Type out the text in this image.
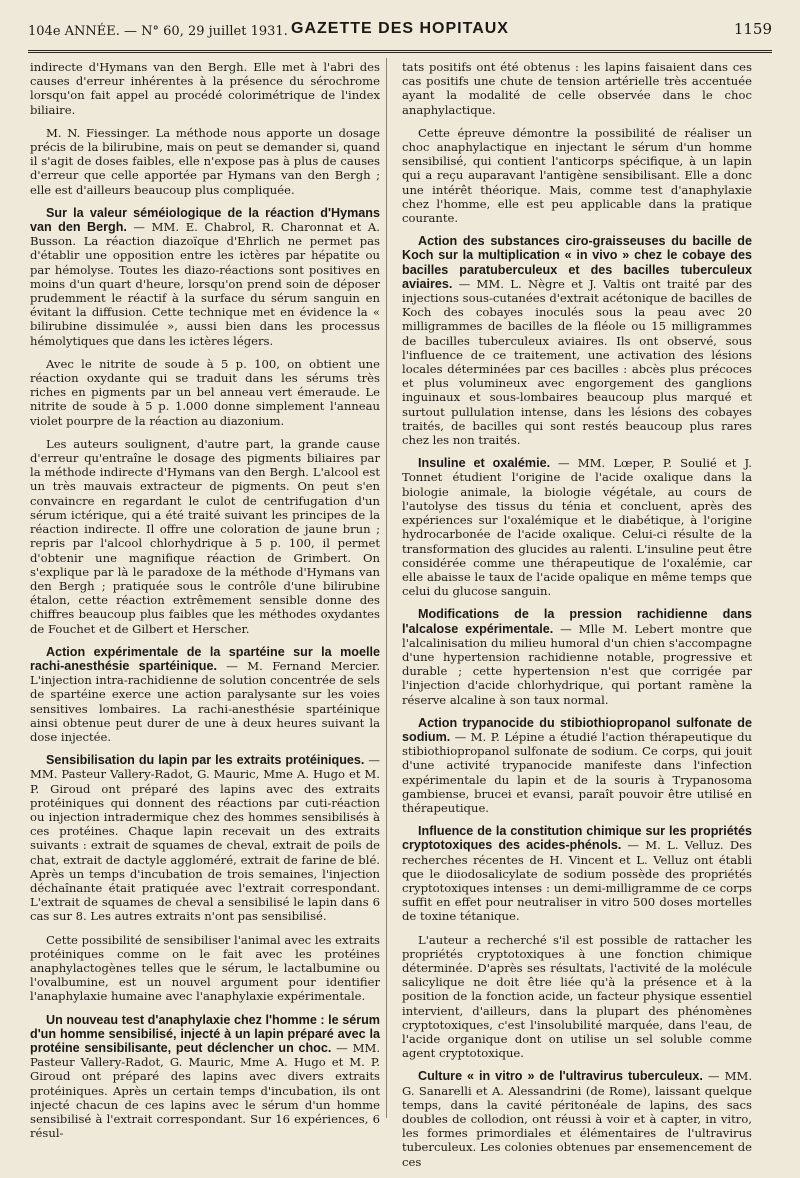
104e ANNÉE. — N° 60, 29 juillet 1931. GAZETTE DES HOPITAUX	1159

indirecte d'Hymans van den Bergh. Elle met à l'abri des causes d'erreur inhérentes à la présence du sérochrome lorsqu'on fait appel au procédé colorimétrique de l'index biliaire.

M. N. Fiessinger. La méthode nous apporte un dosage précis de la bilirubine, mais on peut se demander si, quand il s'agit de doses faibles, elle n'expose pas à plus de causes d'erreur que celle apportée par Hymans van den Bergh ; elle est d'ailleurs beaucoup plus compliquée.

Sur la valeur séméiologique de la réaction d'Hymans van den Bergh. — MM. E. Chabrol, R. Charonnat et A. Busson. La réaction diazoïque d'Ehrlich ne permet pas d'établir une opposition entre les ictères par hépatite ou par hémolyse. Toutes les diazo-réactions sont positives en moins d'un quart d'heure, lorsqu'on prend soin de déposer prudemment le réactif à la surface du sérum sanguin en évitant la diffusion. Cette technique met en évidence la « bilirubine dissimulée », aussi bien dans les processus hémolytiques que dans les ictères légers.

Avec le nitrite de soude à 5 p. 100, on obtient une réaction oxydante qui se traduit dans les sérums très riches en pigments par un bel anneau vert émeraude. Le nitrite de soude à 5 p. 1.000 donne simplement l'anneau violet pourpre de la réaction au diazonium.

Les auteurs soulignent, d'autre part, la grande cause d'erreur qu'entraîne le dosage des pigments biliaires par la méthode indirecte d'Hymans van den Bergh. L'alcool est un très mauvais extracteur de pigments. On peut s'en convaincre en regardant le culot de centrifugation d'un sérum ictérique, qui a été traité suivant les principes de la réaction indirecte. Il offre une coloration de jaune brun ; repris par l'alcool chlorhydrique à 5 p. 100, il permet d'obtenir une magnifique réaction de Grimbert. On s'explique par là le paradoxe de la méthode d'Hymans van den Bergh ; pratiquée sous le contrôle d'une bilirubine étalon, cette réaction extrêmement sensible donne des chiffres beaucoup plus faibles que les méthodes oxydantes de Fouchet et de Gilbert et Herscher.

Action expérimentale de la spartéine sur la moelle rachi-anesthésie spartéinique. — M. Fernand Mercier. L'injection intra-rachidienne de solution concentrée de sels de spartéine exerce une action paralysante sur les voies sensitives lombaires. La rachi-anesthésie spartéinique ainsi obtenue peut durer de une à deux heures suivant la dose injectée.

Sensibilisation du lapin par les extraits protéiniques. — MM. Pasteur Vallery-Radot, G. Mauric, Mme A. Hugo et M. P. Giroud ont préparé des lapins avec des extraits protéiniques qui donnent des réactions par cuti-réaction ou injection intradermique chez des hommes sensibilisés à ces protéines. Chaque lapin recevait un des extraits suivants : extrait de squames de cheval, extrait de poils de chat, extrait de dactyle aggloméré, extrait de farine de blé. Après un temps d'incubation de trois semaines, l'injection déchaînante était pratiquée avec l'extrait correspondant. L'extrait de squames de cheval a sensibilisé le lapin dans 6 cas sur 8. Les autres extraits n'ont pas sensibilisé.

Cette possibilité de sensibiliser l'animal avec les extraits protéiniques comme on le fait avec les protéines anaphylactogènes telles que le sérum, le lactalbumine ou l'ovalbumine, est un nouvel argument pour identifier l'anaphylaxie humaine avec l'anaphylaxie expérimentale.

Un nouveau test d'anaphylaxie chez l'homme : le sérum d'un homme sensibilisé, injecté à un lapin préparé avec la protéine sensibilisante, peut déclencher un choc. — MM. Pasteur Vallery-Radot, G. Mauric, Mme A. Hugo et M. P. Giroud ont préparé des lapins avec divers extraits protéiniques. Après un certain temps d'incubation, ils ont injecté chacun de ces lapins avec le sérum d'un homme sensibilisé à l'extrait correspondant. Sur 16 expériences, 6 résul-

tats positifs ont été obtenus : les lapins faisaient dans ces cas positifs une chute de tension artérielle très accentuée ayant la modalité de celle observée dans le choc anaphylactique.

Cette épreuve démontre la possibilité de réaliser un choc anaphylactique en injectant le sérum d'un homme sensibilisé, qui contient l'anticorps spécifique, à un lapin qui a reçu auparavant l'antigène sensibilisant. Elle a donc une intérêt théorique. Mais, comme test d'anaphylaxie chez l'homme, elle est peu applicable dans la pratique courante.

Action des substances ciro-graisseuses du bacille de Koch sur la multiplication « in vivo » chez le cobaye des bacilles paratuberculeux et des bacilles tuberculeux aviaires. — MM. L. Nègre et J. Valtis ont traité par des injections sous-cutanées d'extrait acétonique de bacilles de Koch des cobayes inoculés sous la peau avec 20 milligrammes de bacilles de la fléole ou 15 milligrammes de bacilles tuberculeux aviaires. Ils ont observé, sous l'influence de ce traitement, une activation des lésions locales déterminées par ces bacilles : abcès plus précoces et plus volumineux avec engorgement des ganglions inguinaux et sous-lombaires beaucoup plus marqué et surtout pullulation intense, dans les lésions des cobayes traités, de bacilles qui sont restés beaucoup plus rares chez les non traités.

Insuline et oxalémie. — MM. Lœper, P. Soulié et J. Tonnet étudient l'origine de l'acide oxalique dans la biologie animale, la biologie végétale, au cours de l'autolyse des tissus du ténia et concluent, après des expériences sur l'oxalémique et le diabétique, à l'origine hydrocarbonée de l'acide oxalique. Celui-ci résulte de la transformation des glucides au ralenti. L'insuline peut être considérée comme une thérapeutique de l'oxalémie, car elle abaisse le taux de l'acide opalique en même temps que celui du glucose sanguin.

Modifications de la pression rachidienne dans l'alcalose expérimentale. — Mlle M. Lebert montre que l'alcalinisation du milieu humoral d'un chien s'accompagne d'une hypertension rachidienne notable, progressive et durable ; cette hypertension n'est que corrigée par l'injection d'acide chlorhydrique, qui portant ramène la réserve alcaline à son taux normal.

Action trypanocide du stibiothiopropanol sulfonate de sodium. — M. P. Lépine a étudié l'action thérapeutique du stibiothiopropanol sulfonate de sodium. Ce corps, qui jouit d'une activité trypanocide manifeste dans l'infection expérimentale du lapin et de la souris à Trypanosoma gambiense, brucei et evansi, paraît pouvoir être utilisé en thérapeutique.

Influence de la constitution chimique sur les propriétés cryptotoxiques des acides-phénols. — M. L. Velluz. Des recherches récentes de H. Vincent et L. Velluz ont établi que le diiodosalicylate de sodium possède des propriétés cryptotoxiques intenses : un demi-milligramme de ce corps suffit en effet pour neutraliser in vitro 500 doses mortelles de toxine tétanique.

L'auteur a recherché s'il est possible de rattacher les propriétés cryptotoxiques à une fonction chimique déterminée. D'après ses résultats, l'activité de la molécule salicylique ne doit être liée qu'à la présence et à la position de la fonction acide, un facteur physique essentiel intervient, d'ailleurs, dans la plupart des phénomènes cryptotoxiques, c'est l'insolubilité marquée, dans l'eau, de l'acide organique dont on utilise un sel soluble comme agent cryptotoxique.

Culture « in vitro » de l'ultravirus tuberculeux. — MM. G. Sanarelli et A. Alessandrini (de Rome), laissant quelque temps, dans la cavité péritonéale de lapins, des sacs doubles de collodion, ont réussi à voir et à capter, in vitro, les formes primordiales et élémentaires de l'ultravirus tuberculeux. Les colonies obtenues par ensemencement de ces
